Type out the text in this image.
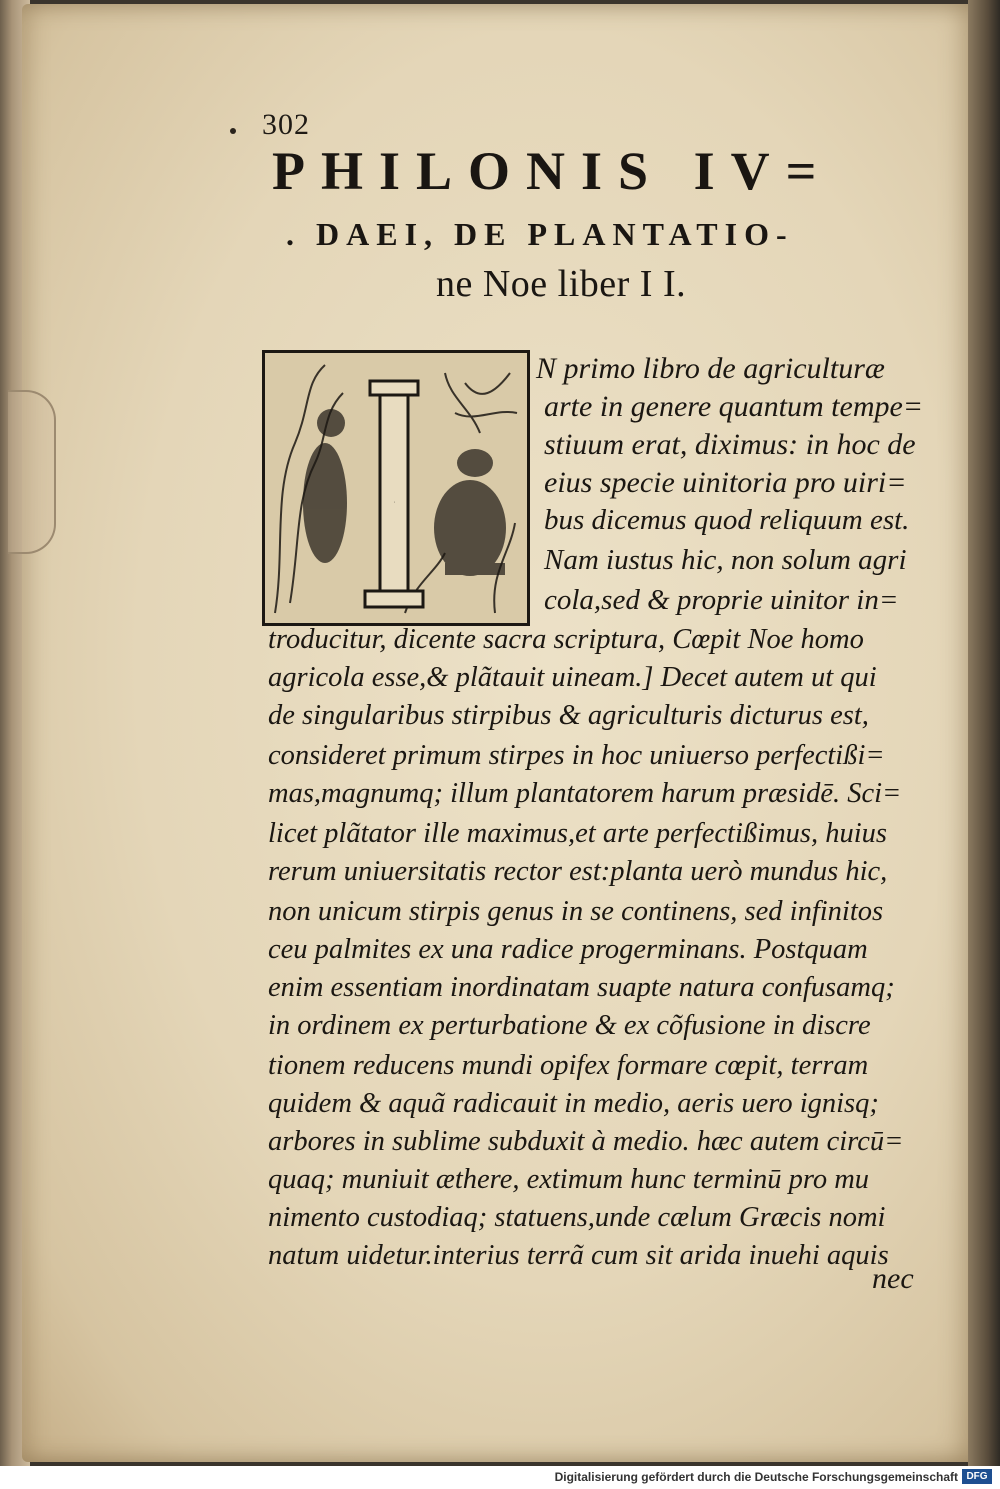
302
PHILONIS IV=
. DAEI, DE PLANTATIO-
ne Noe liber I I.
I
N primo libro de agriculturæ
arte in genere quantum tempe=
stiuum erat, diximus: in hoc de
eius specie uinitoria pro uiri=
bus dicemus quod reliquum est.
Nam iustus hic, non solum agri
cola,sed & proprie uinitor in=
troducitur, dicente sacra scriptura, Cœpit Noe homo
agricola esse,& plãtauit uineam.] Decet autem ut qui
de singularibus stirpibus & agriculturis dicturus est,
consideret primum stirpes in hoc uniuerso perfectißi=
mas,magnumq; illum plantatorem harum præsidē. Sci=
licet plãtator ille maximus,et arte perfectißimus, huius
rerum uniuersitatis rector est:planta uerò mundus hic,
non unicum stirpis genus in se continens, sed infinitos
ceu palmites ex una radice progerminans. Postquam
enim essentiam inordinatam suapte natura confusamq;
in ordinem ex perturbatione & ex cõfusione in discre
tionem reducens mundi opifex formare cœpit, terram
quidem & aquã radicauit in medio, aeris uero ignisq;
arbores in sublime subduxit à medio. hæc autem circū=
quaq; muniuit æthere, extimum hunc terminū pro mu
nimento custodiaq; statuens,unde cælum Græcis nomi
natum uidetur.interius terrã cum sit arida inuehi aquis
nec
Digitalisierung gefördert durch die Deutsche Forschungsgemeinschaft DFG
